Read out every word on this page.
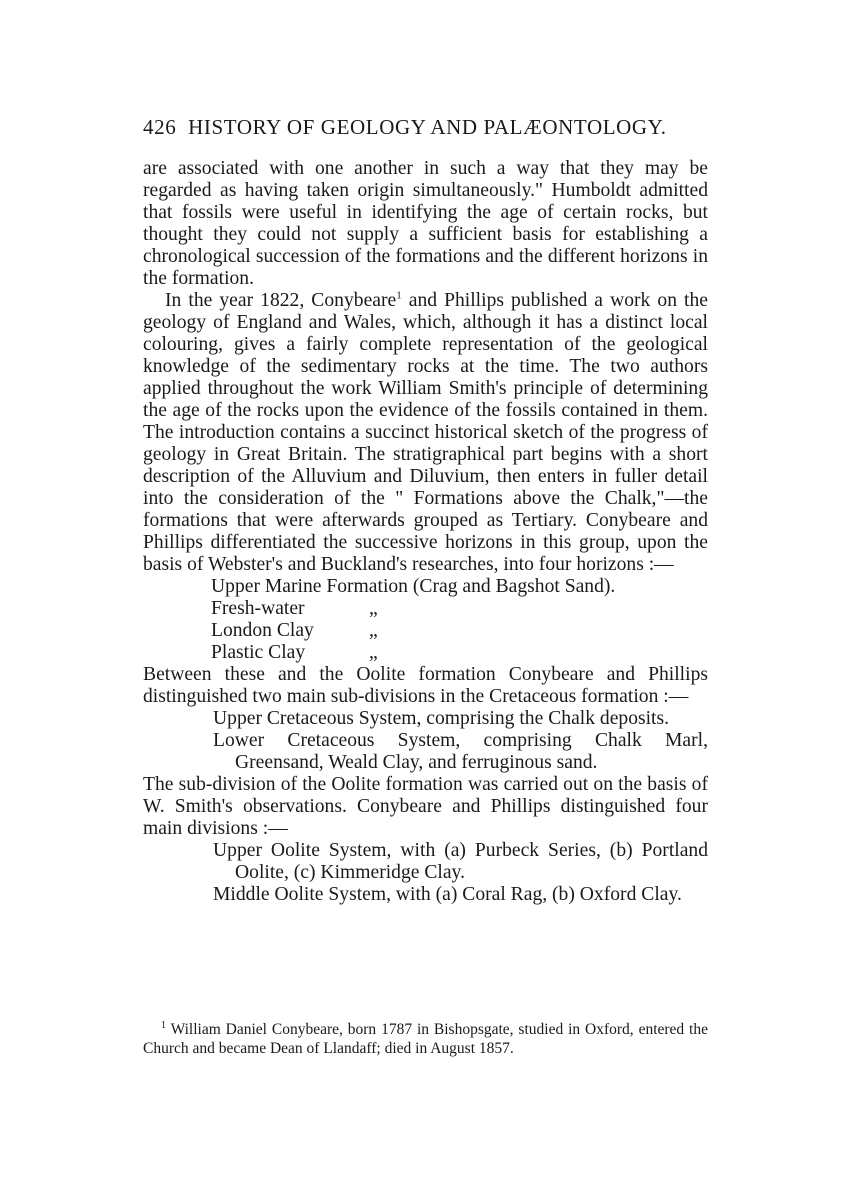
426 HISTORY OF GEOLOGY AND PALÆONTOLOGY.

are associated with one another in such a way that they may be regarded as having taken origin simultaneously." Humboldt admitted that fossils were useful in identifying the age of certain rocks, but thought they could not supply a sufficient basis for establishing a chronological succession of the formations and the different horizons in the formation.

In the year 1822, Conybeare$^1$ and Phillips published a work on the geology of England and Wales, which, although it has a distinct local colouring, gives a fairly complete representation of the geological knowledge of the sedimentary rocks at the time. The two authors applied throughout the work William Smith's principle of determining the age of the rocks upon the evidence of the fossils contained in them. The introduction contains a succinct historical sketch of the progress of geology in Great Britain. The stratigraphical part begins with a short description of the Alluvium and Diluvium, then enters in fuller detail into the consideration of the " Formations above the Chalk,"—the formations that were afterwards grouped as Tertiary. Conybeare and Phillips differentiated the successive horizons in this group, upon the basis of Webster's and Buckland's researches, into four horizons :—

Upper Marine Formation (Crag and Bagshot Sand).
Fresh-water	„
London Clay	„
Plastic Clay	„

Between these and the Oolite formation Conybeare and Phillips distinguished two main sub-divisions in the Cretaceous formation :—

Upper Cretaceous System, comprising the Chalk deposits.
Lower Cretaceous System, comprising Chalk Marl, Greensand, Weald Clay, and ferruginous sand.

The sub-division of the Oolite formation was carried out on the basis of W. Smith's observations. Conybeare and Phillips distinguished four main divisions :—

Upper Oolite System, with (a) Purbeck Series, (b) Portland Oolite, (c) Kimmeridge Clay.
Middle Oolite System, with (a) Coral Rag, (b) Oxford Clay.
$^1$ William Daniel Conybeare, born 1787 in Bishopsgate, studied in Oxford, entered the Church and became Dean of Llandaff; died in August 1857.
